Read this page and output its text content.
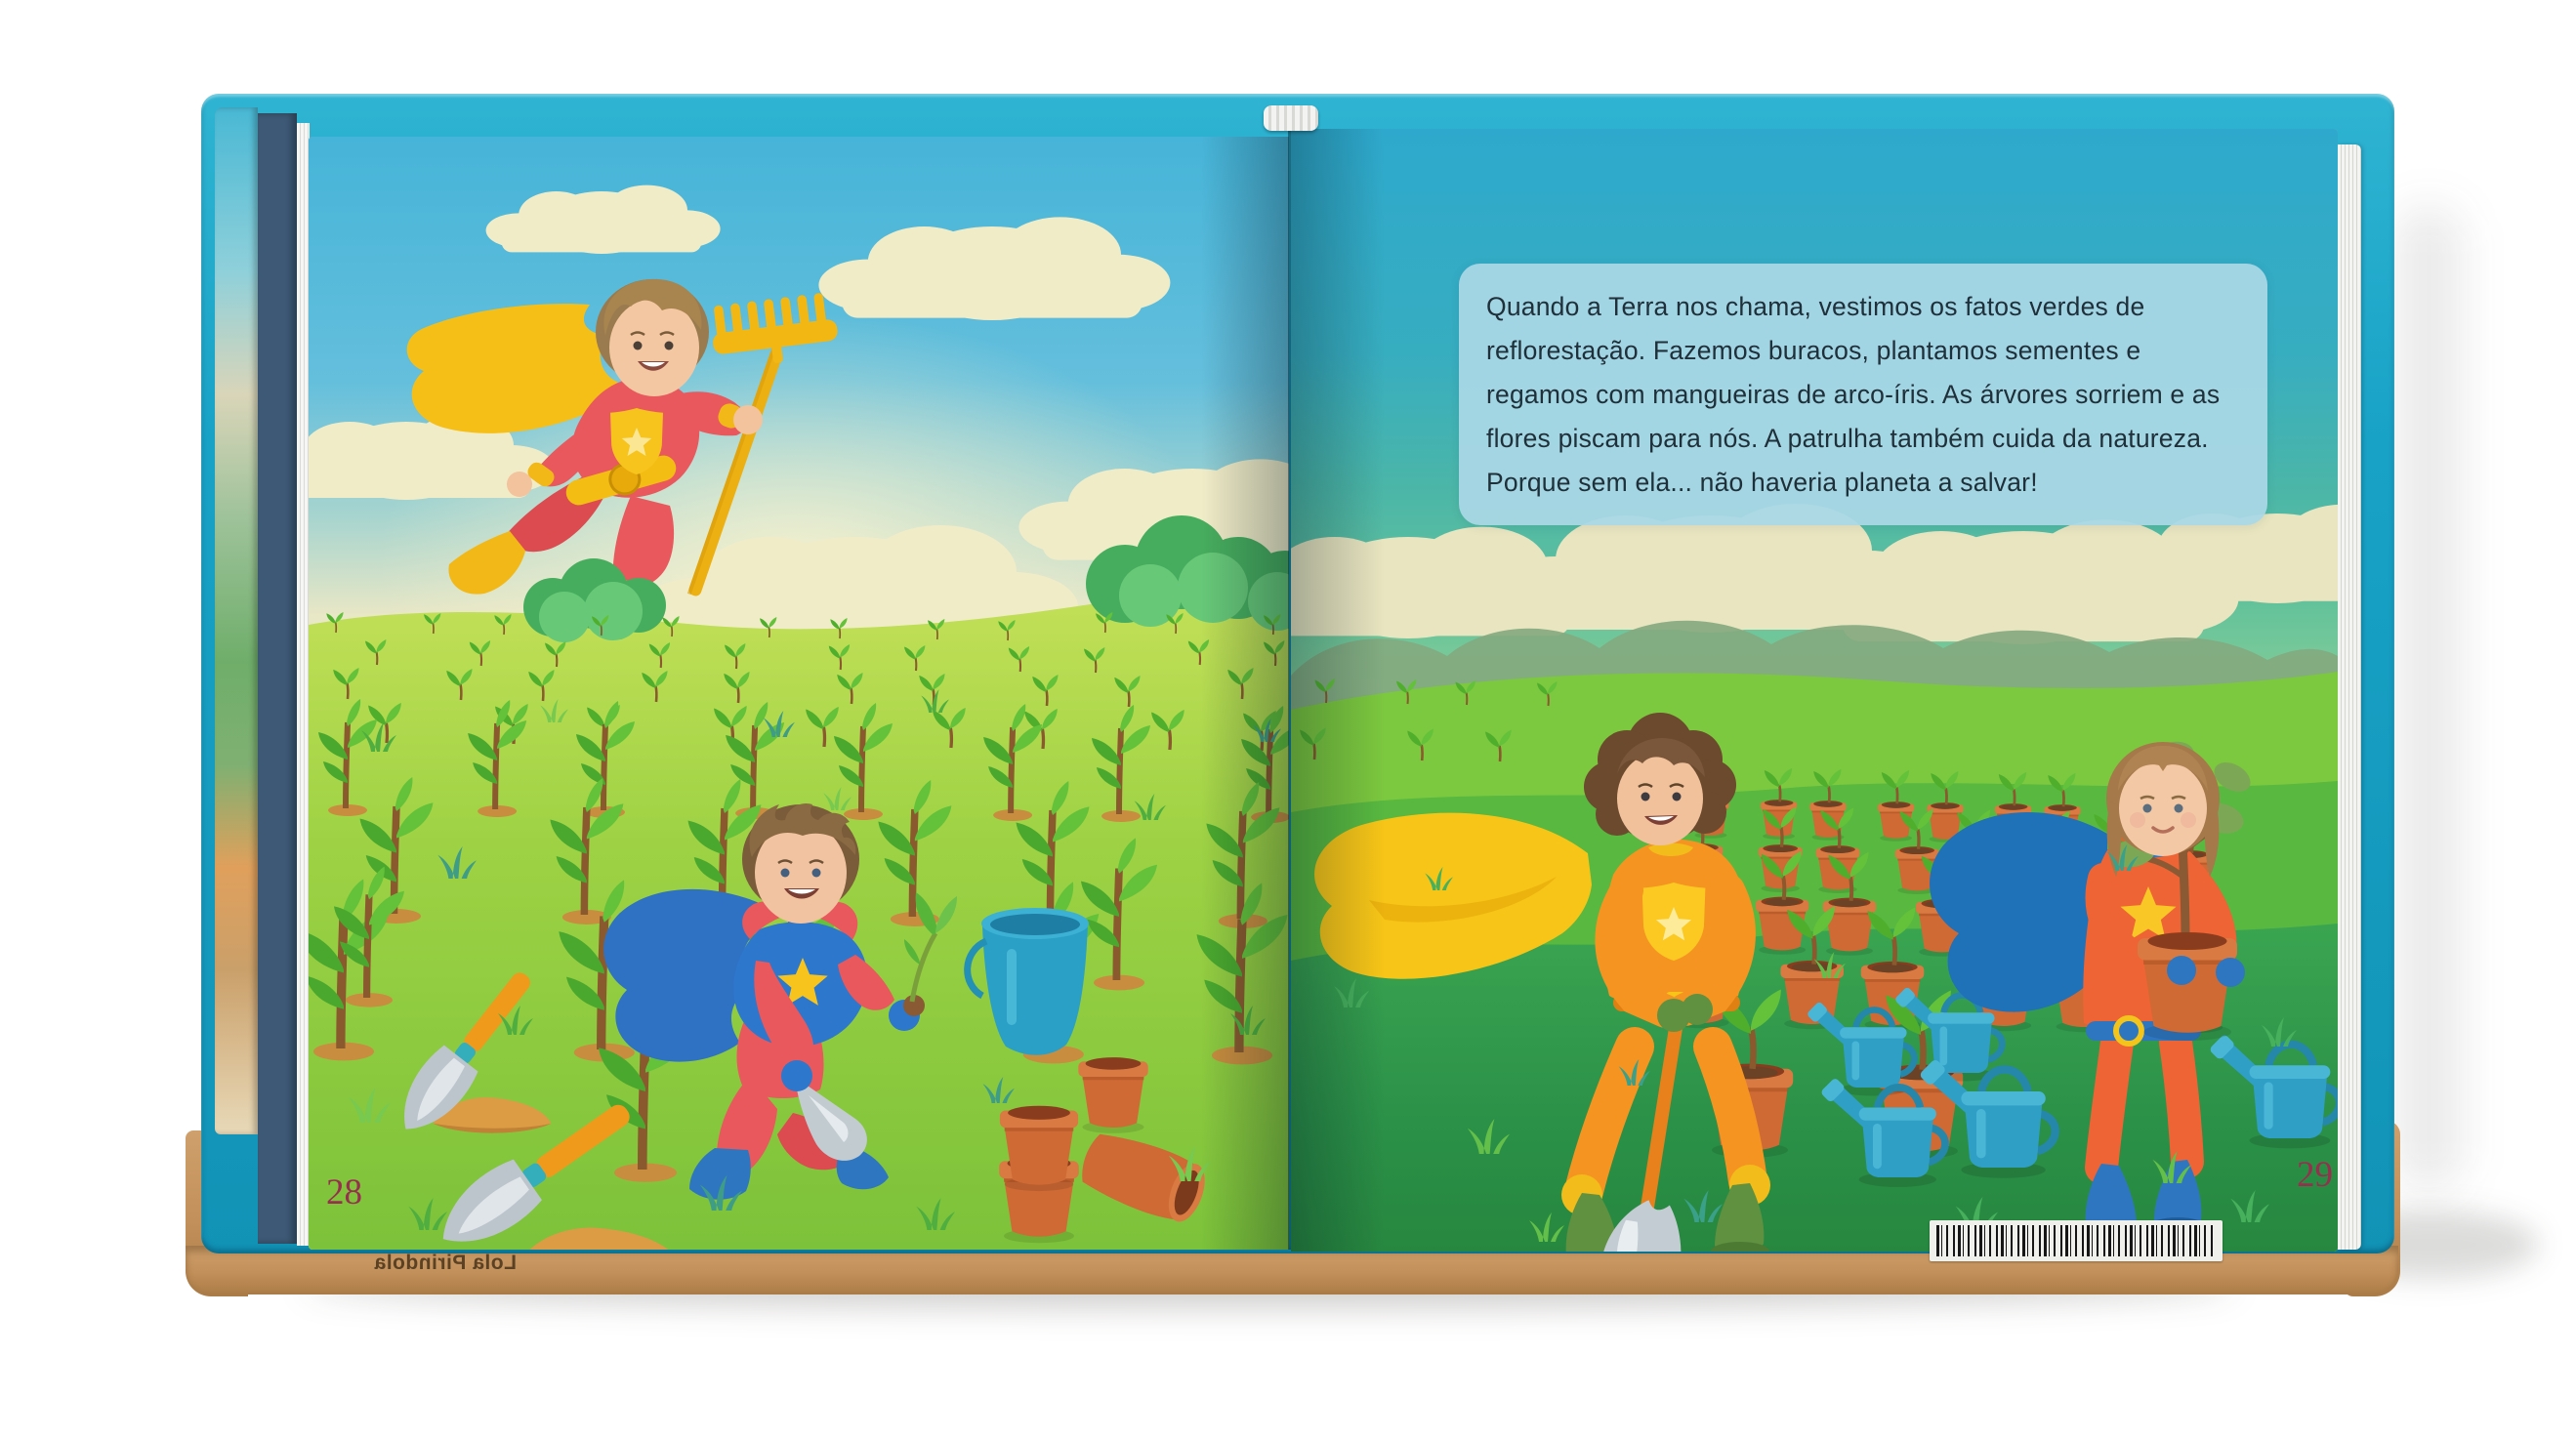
Quando a Terra nos chama, vestimos os fatos verdes de reflorestação. Fazemos buracos, plantamos sementes e regamos com mangueiras de arco-íris. As árvores sorriem e as flores piscam para nós. A patrulha também cuida da natureza. Porque sem ela... não haveria planeta a salvar!
28	29
Lola Pirindola
